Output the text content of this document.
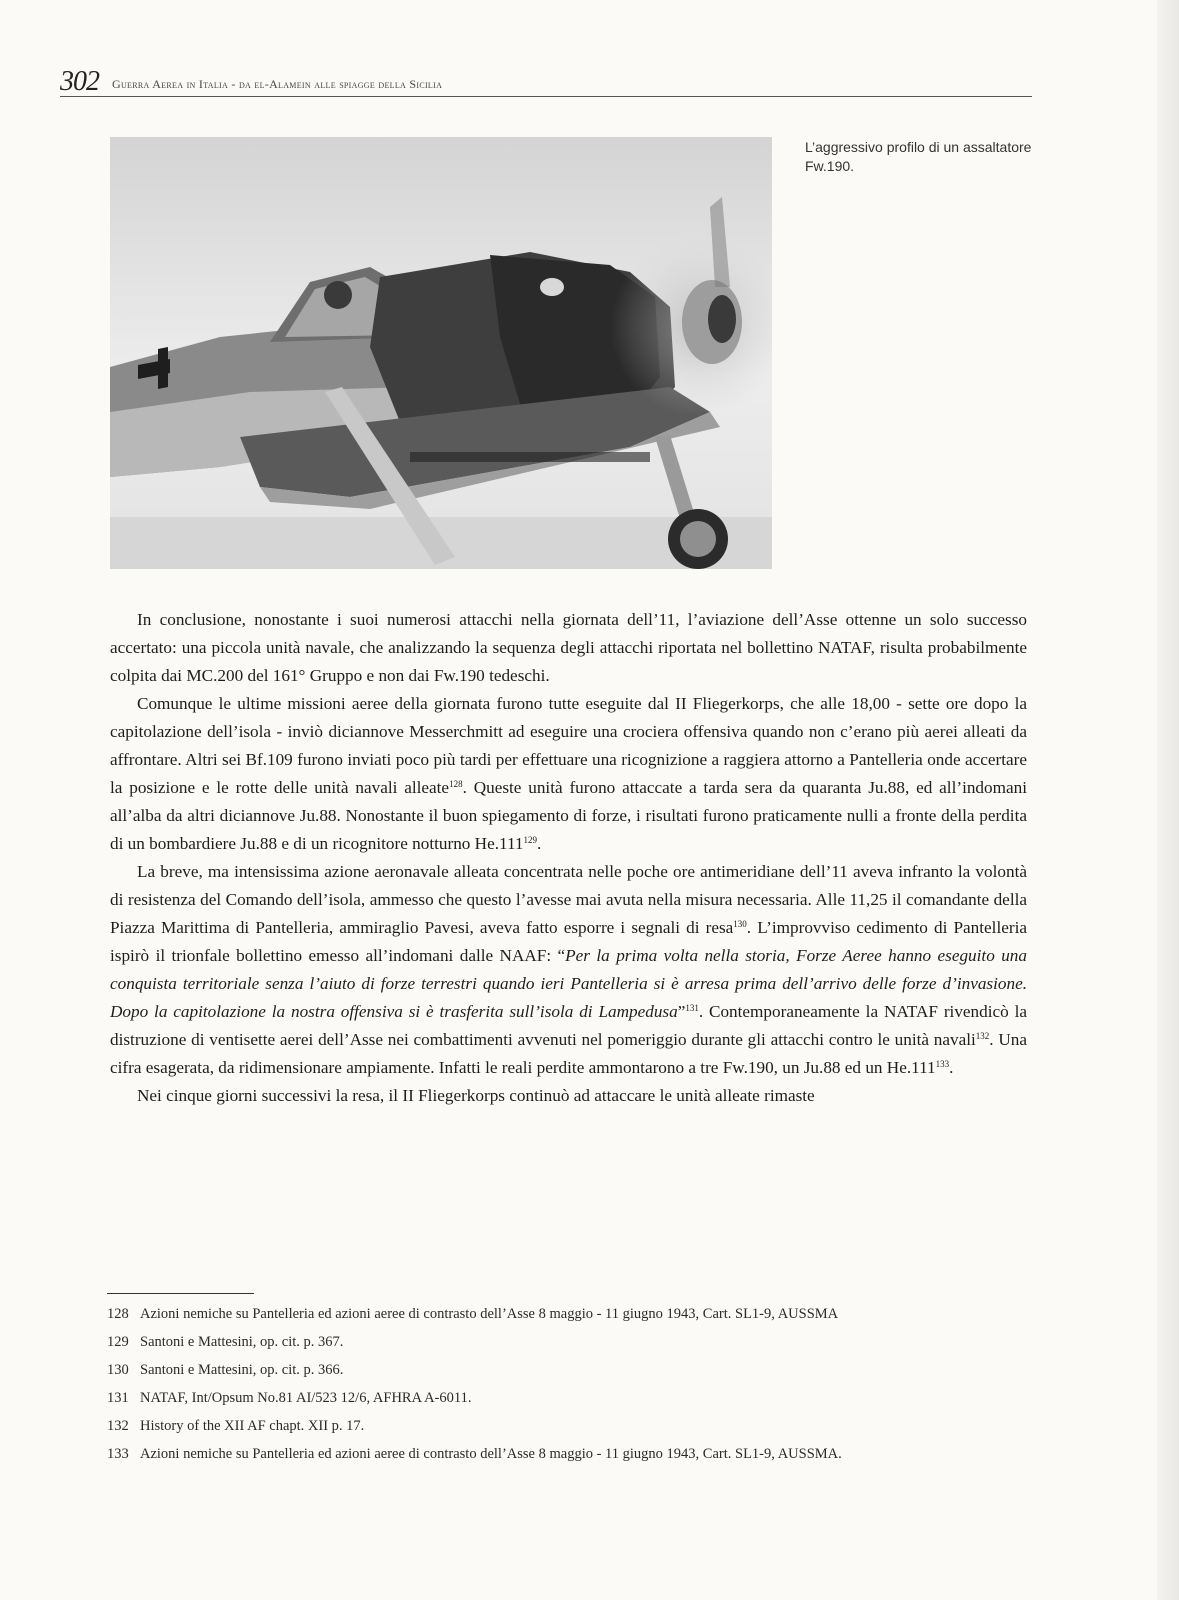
302 Guerra Aerea in Italia - da el-Alamein alle spiagge della Sicilia

L’aggressivo profilo di un assaltatore Fw.190.

In conclusione, nonostante i suoi numerosi attacchi nella giornata dell’11, l’aviazione dell’Asse ottenne un solo successo accertato: una piccola unità navale, che analizzando la sequenza degli attacchi riportata nel bollettino NATAF, risulta probabilmente colpita dai MC.200 del 161° Gruppo e non dai Fw.190 tedeschi.

Comunque le ultime missioni aeree della giornata furono tutte eseguite dal II Fliegerkorps, che alle 18,00 - sette ore dopo la capitolazione dell’isola - inviò diciannove Messerchmitt ad eseguire una crociera offensiva quando non c’erano più aerei alleati da affrontare. Altri sei Bf.109 furono inviati poco più tardi per effettuare una ricognizione a raggiera attorno a Pantelleria onde accertare la posizione e le rotte delle unità navali alleate$^{128}$. Queste unità furono attaccate a tarda sera da quaranta Ju.88, ed all’indomani all’alba da altri diciannove Ju.88. Nonostante il buon spiegamento di forze, i risultati furono praticamente nulli a fronte della perdita di un bombardiere Ju.88 e di un ricognitore notturno He.111$^{129}$.

La breve, ma intensissima azione aeronavale alleata concentrata nelle poche ore antimeridiane dell’11 aveva infranto la volontà di resistenza del Comando dell’isola, ammesso che questo l’avesse mai avuta nella misura necessaria. Alle 11,25 il comandante della Piazza Marittima di Pantelleria, ammiraglio Pavesi, aveva fatto esporre i segnali di resa$^{130}$. L’improvviso cedimento di Pantelleria ispirò il trionfale bollettino emesso all’indomani dalle NAAF: “Per la prima volta nella storia, Forze Aeree hanno eseguito una conquista territoriale senza l’aiuto di forze terrestri quando ieri Pantelleria si è arresa prima dell’arrivo delle forze d’invasione. Dopo la capitolazione la nostra offensiva si è trasferita sull’isola di Lampedusa”$^{131}$. Contemporaneamente la NATAF rivendicò la distruzione di ventisette aerei dell’Asse nei combattimenti avvenuti nel pomeriggio durante gli attacchi contro le unità navali$^{132}$. Una cifra esagerata, da ridimensionare ampiamente. Infatti le reali perdite ammontarono a tre Fw.190, un Ju.88 ed un He.111$^{133}$.

Nei cinque giorni successivi la resa, il II Fliegerkorps continuò ad attaccare le unità alleate rimaste

128 Azioni nemiche su Pantelleria ed azioni aeree di contrasto dell’Asse 8 maggio - 11 giugno 1943, Cart. SL1-9, AUSSMA
129 Santoni e Mattesini, op. cit. p. 367.
130 Santoni e Mattesini, op. cit. p. 366.
131 NATAF, Int/Opsum No.81 AI/523 12/6, AFHRA A-6011.
132 History of the XII AF chapt. XII p. 17.
133 Azioni nemiche su Pantelleria ed azioni aeree di contrasto dell’Asse 8 maggio - 11 giugno 1943, Cart. SL1-9, AUSSMA.
